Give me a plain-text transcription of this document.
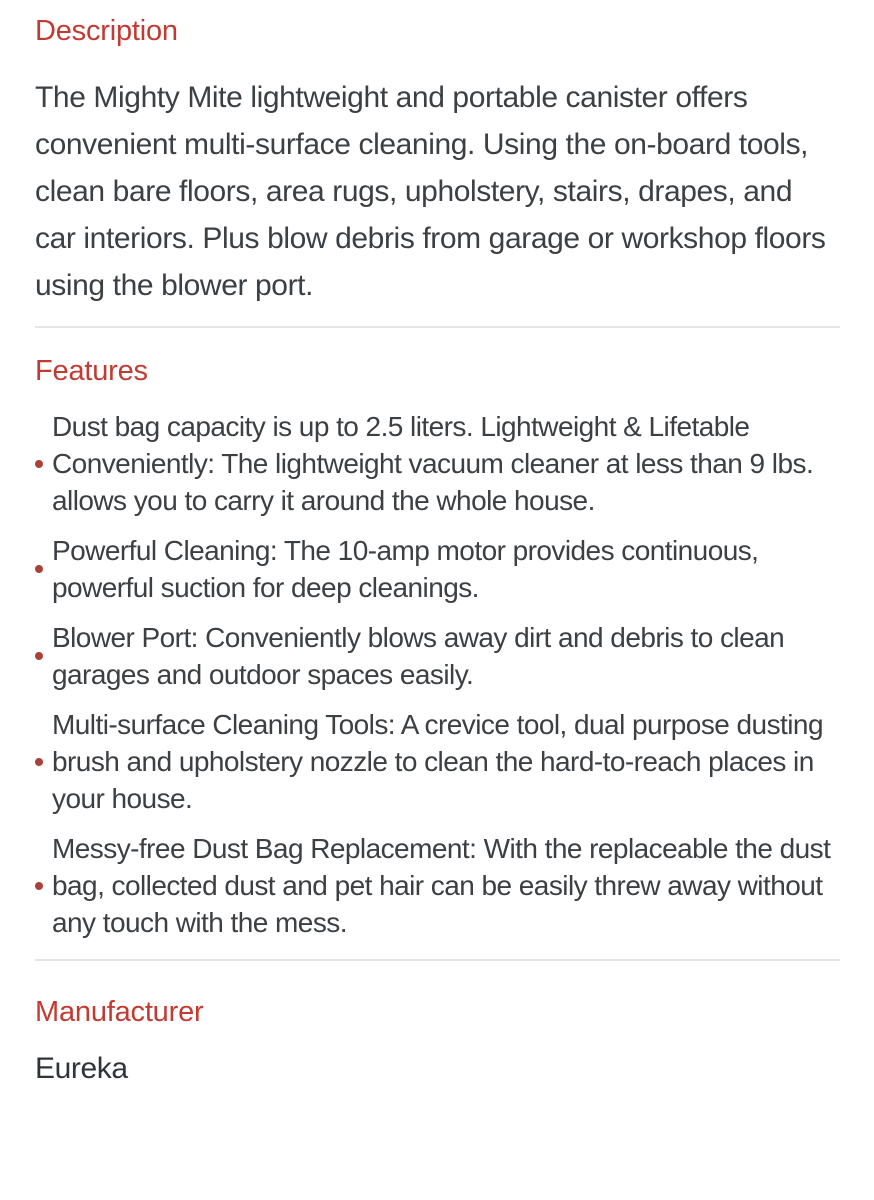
Description

The Mighty Mite lightweight and portable canister offers convenient multi-surface cleaning. Using the on-board tools, clean bare floors, area rugs, upholstery, stairs, drapes, and car interiors. Plus blow debris from garage or workshop floors using the blower port.

Features
Dust bag capacity is up to 2.5 liters. Lightweight & Lifetable Conveniently: The lightweight vacuum cleaner at less than 9 lbs. allows you to carry it around the whole house.
Powerful Cleaning: The 10-amp motor provides continuous, powerful suction for deep cleanings.
Blower Port: Conveniently blows away dirt and debris to clean garages and outdoor spaces easily.
Multi-surface Cleaning Tools: A crevice tool, dual purpose dusting brush and upholstery nozzle to clean the hard-to-reach places in your house.
Messy-free Dust Bag Replacement: With the replaceable the dust bag, collected dust and pet hair can be easily threw away without any touch with the mess.
Manufacturer

Eureka
